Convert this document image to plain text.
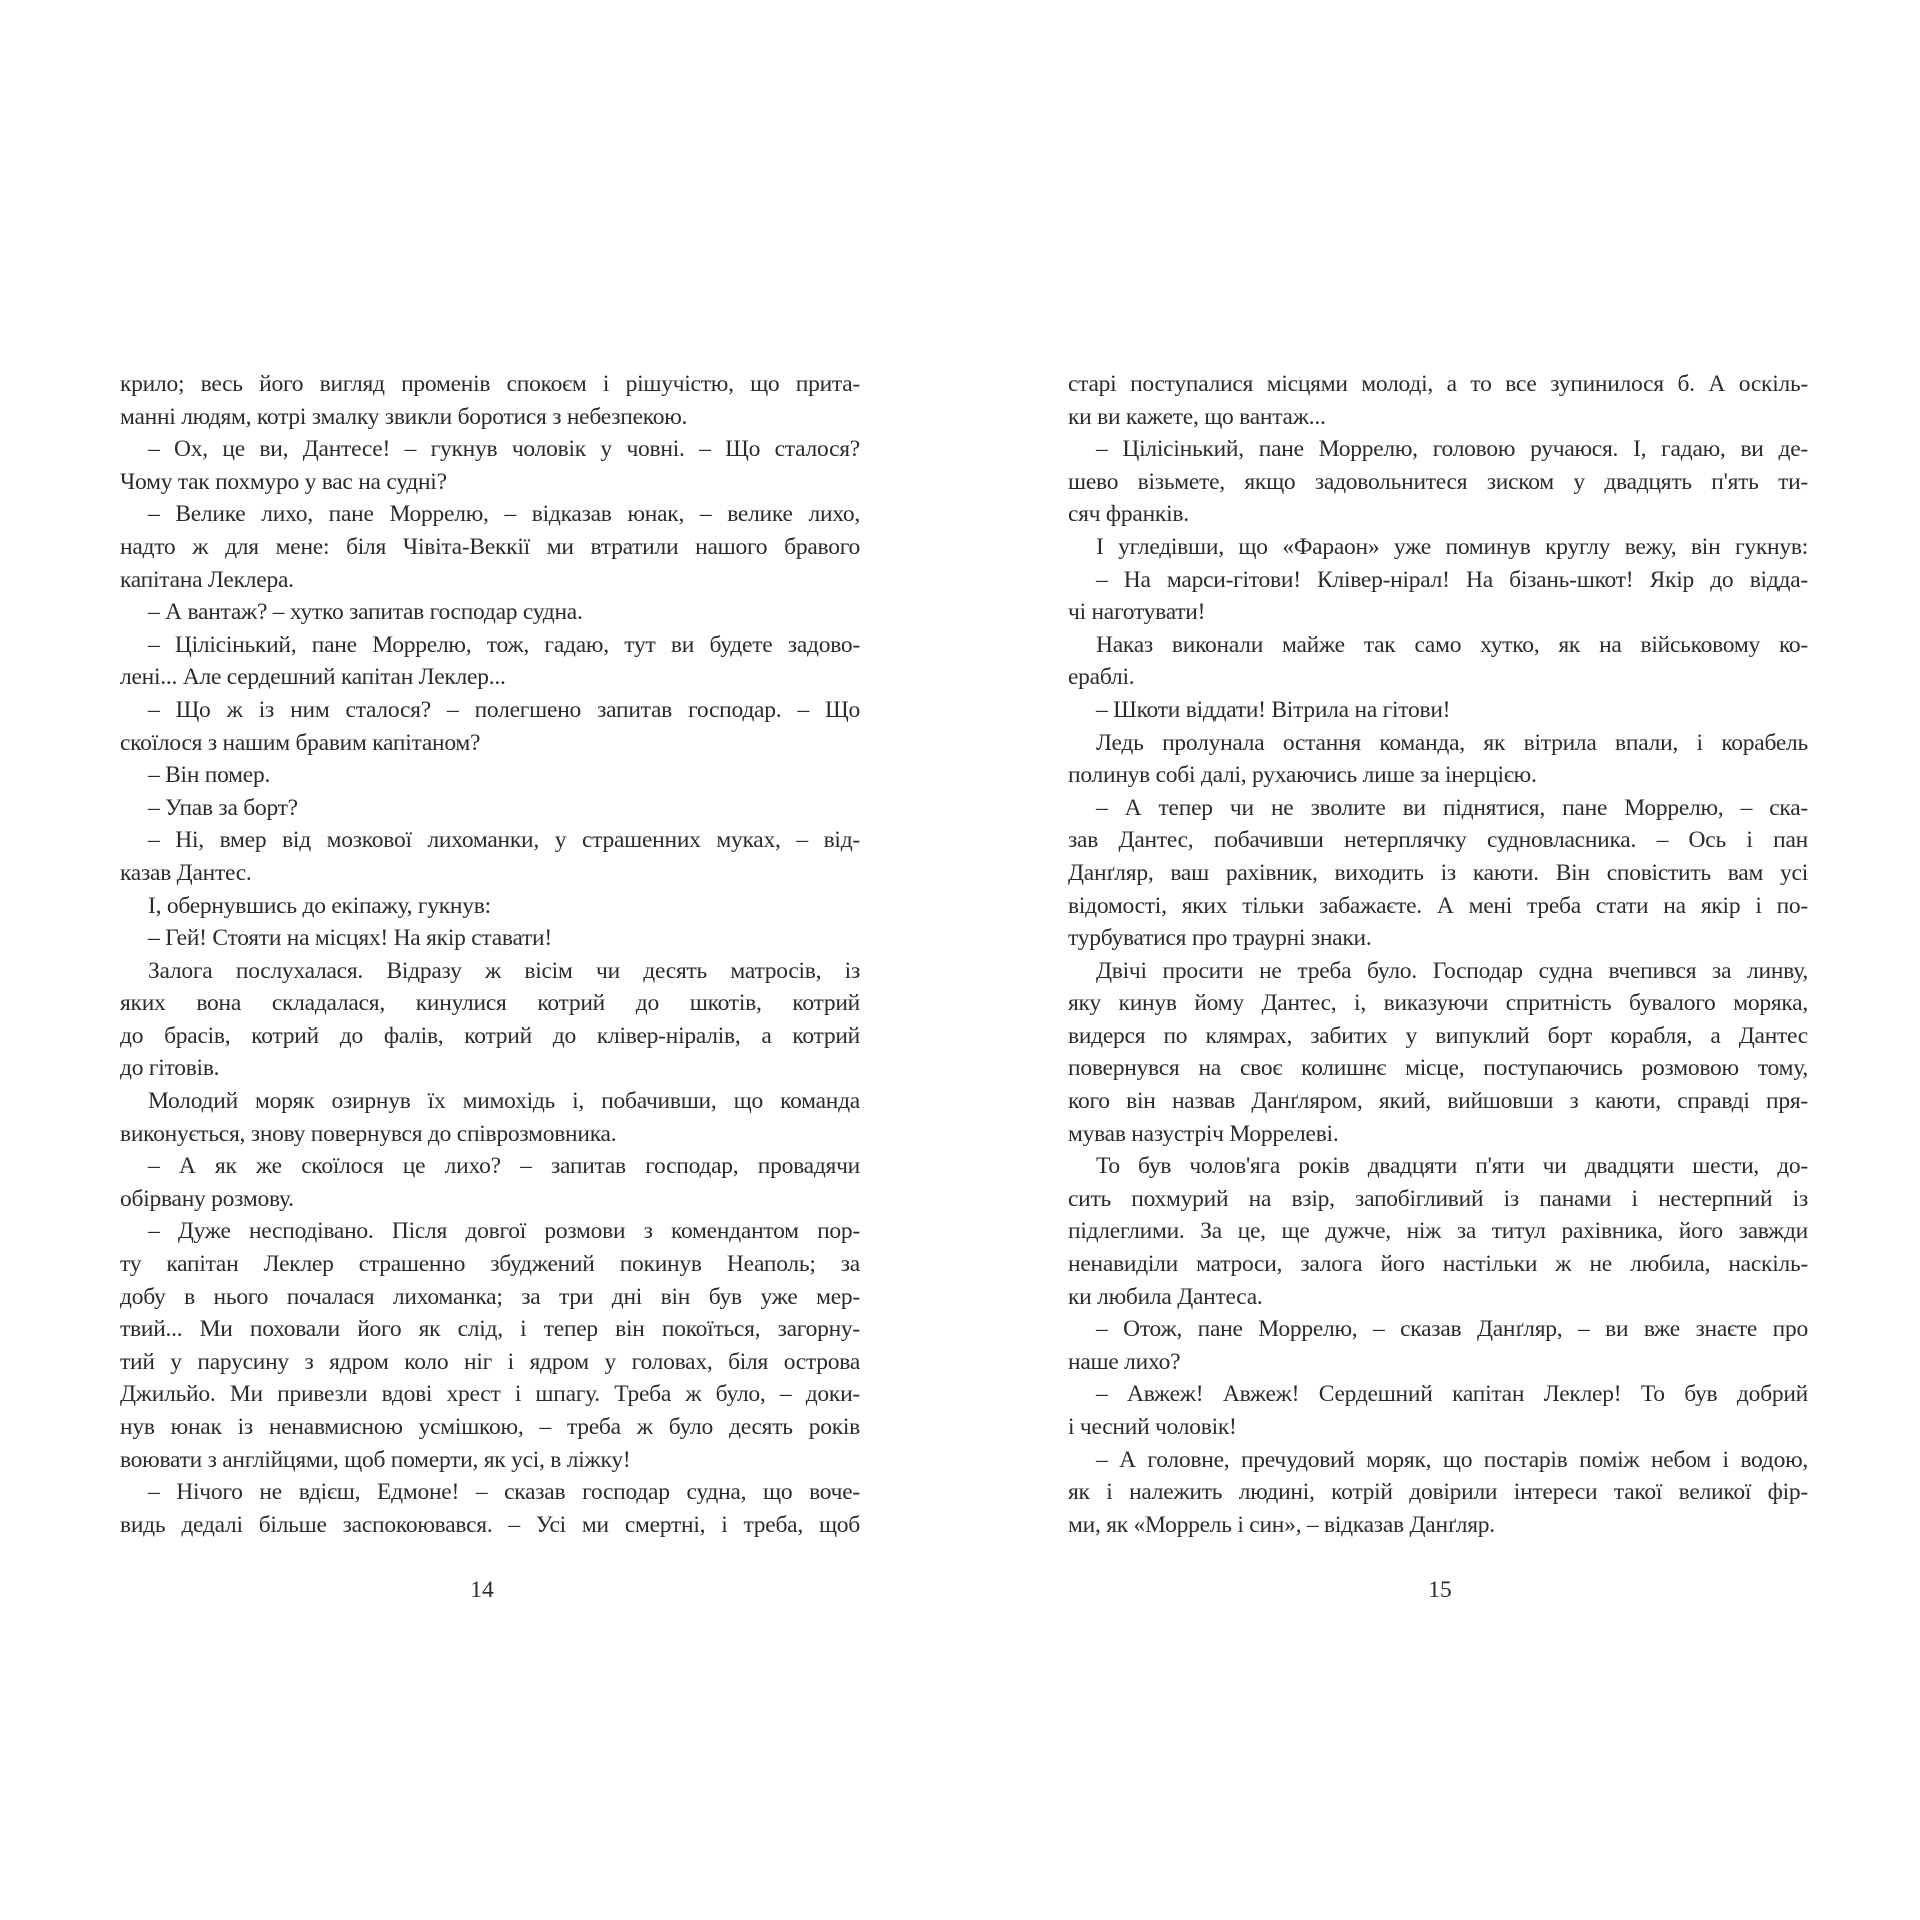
крило; весь його вигляд променів спокоєм і рішучістю, що прита-
манні людям, котрі змалку звикли боротися з небезпекою.
– Ох, це ви, Дантесе! – гукнув чоловік у човні. – Що сталося?
Чому так похмуро у вас на судні?
– Велике лихо, пане Моррелю, – відказав юнак, – велике лихо,
надто ж для мене: біля Чівіта-Веккії ми втратили нашого бравого
капітана Леклера.
– А вантаж? – хутко запитав господар судна.
– Цілісінький, пане Моррелю, тож, гадаю, тут ви будете задово-
лені... Але сердешний капітан Леклер...
– Що ж із ним сталося? – полегшено запитав господар. – Що
скоїлося з нашим бравим капітаном?
– Він помер.
– Упав за борт?
– Ні, вмер від мозкової лихоманки, у страшенних муках, – від-
казав Дантес.
І, обернувшись до екіпажу, гукнув:
– Гей! Стояти на місцях! На якір ставати!
Залога послухалася. Відразу ж вісім чи десять матросів, із
яких вона складалася, кинулися котрий до шкотів, котрий
до брасів, котрий до фалів, котрий до клівер-ніралів, а котрий
до гітовів.
Молодий моряк озирнув їх мимохідь і, побачивши, що команда
виконується, знову повернувся до співрозмовника.
– А як же скоїлося це лихо? – запитав господар, провадячи
обірвану розмову.
– Дуже несподівано. Після довгої розмови з комендантом пор-
ту капітан Леклер страшенно збуджений покинув Неаполь; за
добу в нього почалася лихоманка; за три дні він був уже мер-
твий... Ми поховали його як слід, і тепер він покоїться, загорну-
тий у парусину з ядром коло ніг і ядром у головах, біля острова
Джильйо. Ми привезли вдові хрест і шпагу. Треба ж було, – доки-
нув юнак із ненавмисною усмішкою, – треба ж було десять років
воювати з англійцями, щоб померти, як усі, в ліжку!
– Нічого не вдієш, Едмоне! – сказав господар судна, що воче-
видь дедалі більше заспокоювався. – Усі ми смертні, і треба, щоб
14
старі поступалися місцями молоді, а то все зупинилося б. А оскіль-
ки ви кажете, що вантаж...
– Цілісінький, пане Моррелю, головою ручаюся. І, гадаю, ви де-
шево візьмете, якщо задовольнитеся зиском у двадцять п'ять ти-
сяч франків.
І угледівши, що «Фараон» уже поминув круглу вежу, він гукнув:
– На марси-гітови! Клівер-нірал! На бізань-шкот! Якір до відда-
чі наготувати!
Наказ виконали майже так само хутко, як на військовому ко-
ераблі.
– Шкоти віддати! Вітрила на гітови!
Ледь пролунала остання команда, як вітрила впали, і корабель
полинув собі далі, рухаючись лише за інерцією.
– А тепер чи не зволите ви піднятися, пане Моррелю, – ска-
зав Дантес, побачивши нетерплячку судновласника. – Ось і пан
Данґляр, ваш рахівник, виходить із каюти. Він сповістить вам усі
відомості, яких тільки забажаєте. А мені треба стати на якір і по-
турбуватися про траурні знаки.
Двічі просити не треба було. Господар судна вчепився за линву,
яку кинув йому Дантес, і, виказуючи спритність бувалого моряка,
видерся по клямрах, забитих у випуклий борт корабля, а Дантес
повернувся на своє колишнє місце, поступаючись розмовою тому,
кого він назвав Данґляром, який, вийшовши з каюти, справді пря-
мував назустріч Моррелеві.
То був чолов'яга років двадцяти п'яти чи двадцяти шести, до-
сить похмурий на взір, запобігливий із панами і нестерпний із
підлеглими. За це, ще дужче, ніж за титул рахівника, його завжди
ненавиділи матроси, залога його настільки ж не любила, наскіль-
ки любила Дантеса.
– Отож, пане Моррелю, – сказав Данґляр, – ви вже знаєте про
наше лихо?
– Авжеж! Авжеж! Сердешний капітан Леклер! То був добрий
і чесний чоловік!
– А головне, пречудовий моряк, що постарів поміж небом і водою,
як і належить людині, котрій довірили інтереси такої великої фір-
ми, як «Моррель і син», – відказав Данґляр.
15
